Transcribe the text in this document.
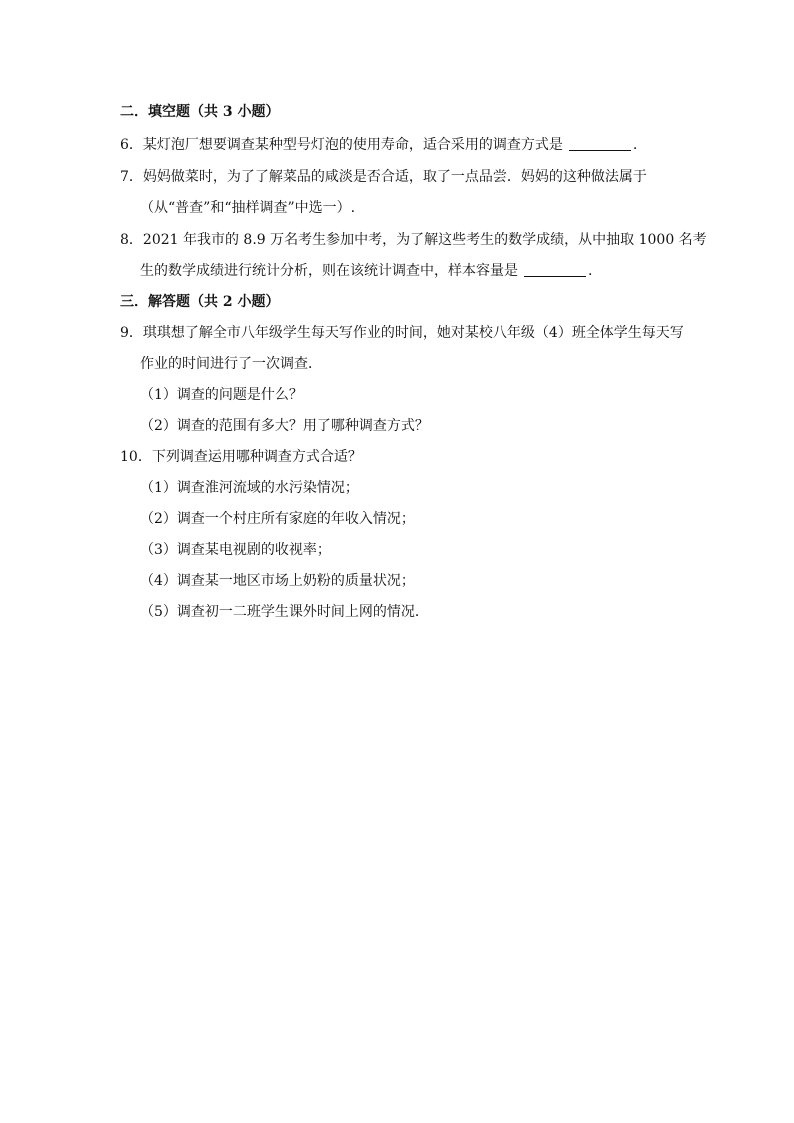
二．填空题（共 3 小题）
6．某灯泡厂想要调查某种型号灯泡的使用寿命，适合采用的调查方式是	.
7．妈妈做菜时，为了了解菜品的咸淡是否合适，取了一点品尝．妈妈的这种做法属于
（从“普查”和“抽样调查”中选一）.
8．2021 年我市的 8.9 万名考生参加中考，为了解这些考生的数学成绩，从中抽取 1000 名考
生的数学成绩进行统计分析，则在该统计调查中，样本容量是	.
三．解答题（共 2 小题）
9．琪琪想了解全市八年级学生每天写作业的时间，她对某校八年级（4）班全体学生每天写
作业的时间进行了一次调查．
（1）调查的问题是什么？
（2）调查的范围有多大？用了哪种调查方式？
10．下列调查运用哪种调查方式合适？
（1）调查淮河流域的水污染情况；
（2）调查一个村庄所有家庭的年收入情况；
（3）调查某电视剧的收视率；
（4）调查某一地区市场上奶粉的质量状况；
（5）调查初一二班学生课外时间上网的情况．
